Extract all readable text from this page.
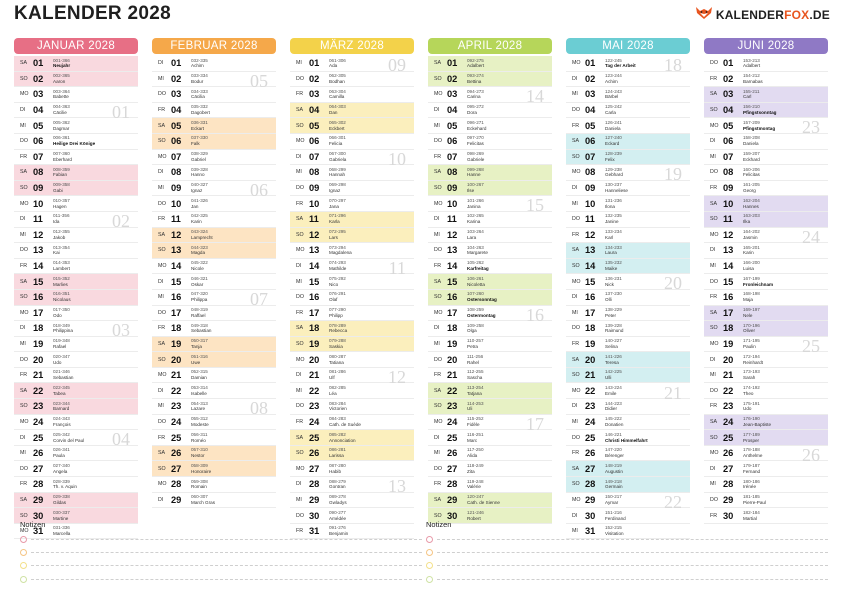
KALENDER 2028	KALENDER FOX .DE
JANUAR 2028
SA 01	001-366
Neujahr
SO 02	002-365
Aaron
MO 03	003-364
Babette
DI 04	004-363
Cäcilie
MI 05	005-362
Dagmar
DO 06	006-361
Heilige Drei Könige
FR 07	007-360
Eberhard
SA 08	008-359
Fabian
SO 09	009-358
Gabi
MO 10	010-357
Hagen
DI 11	011-356
Ida
MI 12	012-355
Jakob
DO 13	013-354
Kai
FR 14	014-353
Lambert
SA 15	015-352
Marlies
SO 16	016-351
Nicolaus
MO 17	017-350
Odo
DI 18	018-349
Philippina
MI 19	019-348
Rafael
DO 20	020-347
Udo
FR 21	021-346
Sebastian
SA 22	022-345
Tabea
SO 23	023-344
Barnard
MO 24	024-343
François
DI 25	025-342
Corvin del Paul
MI 26	026-341
Paula
DO 27	027-340
Angela
FR 28	028-339
Th. v. Aquin
SA 29	029-338
Gildas
SO 30	030-337
Martine
MO 31	031-336
Marcella
01
02
03
04
FEBRUAR 2028
DI 01	032-335
Achim
MI 02	033-334
Bodur
DO 03	034-333
Cäcilia
FR 04	035-332
Dagobert
SA 05	036-331
Eckart
SO 06	037-330
Falk
MO 07	038-329
Gabriel
DI 08	039-328
Hanno
MI 09	040-327
Ignaz
DO 10	041-326
Jan
FR 11	042-325
Karin
SA 12	043-324
Lamprecht
SO 13	044-323
Magda
MO 14	045-322
Nicole
DI 15	046-321
Oskar
MI 16	047-320
Philippa
DO 17	048-319
Raffael
FR 18	049-318
Sebastian
SA 19	050-317
Tanja
SO 20	051-316
Uwe
MO 21	052-315
Damian
DI 22	053-314
Isabelle
MI 23	054-313
Lazare
DO 24	055-312
Modeste
FR 25	056-311
Roméo
SA 26	057-310
Nestor
SO 27	058-309
Honoraire
MO 28	059-308
Romain
DI 29	060-307
March Gras
05
06
07
08
MÄRZ 2028
MI 01	061-306
Ada
DO 02	062-305
Bodhan
FR 03	063-304
Camilla
SA 04	064-303
Dan
SO 05	065-302
Eckbert
MO 06	066-301
Felicia
DI 07	067-300
Gabriela
MI 08	068-299
Hannah
DO 09	069-298
Ignaz
FR 10	070-297
Jana
SA 11	071-296
Karla
SO 12	072-295
Lars
MO 13	073-294
Magdalena
DI 14	074-293
Mathilde
MI 15	075-292
Nico
DO 16	076-291
Olaf
FR 17	077-290
Philipp
SA 18	078-289
Rebecca
SO 19	079-288
Saskia
MO 20	080-287
Tatiana
DI 21	081-286
Ulf
MI 22	082-285
Léa
DO 23	083-284
Victorien
FR 24	084-283
Cath. de Suède
SA 25	085-282
Annonciation
SO 26	086-281
Larissa
MO 27	087-280
Habib
DI 28	088-279
Gontran
MI 29	089-278
Gwladys
DO 30	090-277
Amédée
FR 31	091-276
Benjamin
09
10
11
12
13
APRIL 2028
SA 01	092-275
Adalbert
SO 02	093-274
Bettina
MO 03	094-273
Carina
DI 04	095-272
Dora
MI 05	096-271
Eckehard
DO 06	097-270
Felicitas
FR 07	098-269
Gabriele
SA 08	099-268
Hanne
SO 09	100-267
Ilse
MO 10	101-266
Janina
DI 11	102-265
Karina
MI 12	103-264
Lara
DO 13	104-263
Margarete
FR 14	105-262
Karfreitag
SA 15	106-261
Nicoletta
SO 16	107-260
Ostersonntag
MO 17	108-259
Ostermontag
DI 18	109-258
Olga
MI 19	110-257
Petra
DO 20	111-256
Rahel
FR 21	112-255
Sascha
SA 22	113-254
Tatjana
SO 23	114-253
Uli
MO 24	115-252
Fidèle
DI 25	116-251
Marc
MI 26	117-250
Alida
DO 27	118-249
Zita
FR 28	119-248
Valérie
SA 29	120-247
Cath. de Sienne
SO 30	121-246
Robert
14
15
16
17
MAI 2028
MO 01	122-245
Tag der Arbeit
DI 02	123-244
Achim
MI 03	124-243
Bärbel
DO 04	125-242
Carla
FR 05	126-241
Daniela
SA 06	127-240
Eckard
SO 07	128-239
Felix
MO 08	129-238
Gebhard
DI 09	130-237
Hanneliese
MI 10	131-236
Ilona
DO 11	132-235
Janine
FR 12	133-234
Karl
SA 13	134-233
Laura
SO 14	135-232
Maike
MO 15	136-231
Nick
DI 16	137-230
Olli
MI 17	138-229
Peter
DO 18	139-228
Raimund
FR 19	140-227
Selina
SA 20	141-226
Teresa
SO 21	142-225
Ulli
MO 22	143-224
Emile
DI 23	144-223
Didier
MI 24	145-222
Donatien
DO 25	146-221
Christi Himmelfahrt
FR 26	147-220
Bérenger
SA 27	148-219
Augustin
SO 28	149-218
Germain
MO 29	150-217
Aymar
DI 30	151-216
Ferdinand
MI 31	152-215
Visitation
18
19
20
21
22
JUNI 2028
DO 01	153-213
Adalbert
FR 02	154-212
Barnabas
SA 03	155-211
Carl
SO 04	156-210
Pfingstsonntag
MO 05	157-209
Pfingstmontag
DI 06	158-208
Daniela
MI 07	159-207
Eckhard
DO 08	160-206
Felicitas
FR 09	161-205
Georg
SA 10	162-204
Hannes
SO 11	163-203
Ilka
MO 12	164-202
Jasmin
DI 13	165-201
Karin
MI 14	166-200
Luisa
DO 15	167-199
Fronleichnam
FR 16	168-198
Maja
SA 17	169-197
Nele
SO 18	170-196
Oliver
MO 19	171-195
Paulin
DI 20	172-194
Reinhardt
MI 21	173-193
Sarah
DO 22	174-192
Theo
FR 23	175-191
Udo
SA 24	176-190
Jean-Baptiste
SO 25	177-189
Prosper
MO 26	178-188
Anthelme
DI 27	179-187
Fernand
MI 28	180-186
Irénée
DO 29	181-185
Pierre-Paul
FR 30	182-184
Martial
23
24
25
26
Notizen	Notizen
